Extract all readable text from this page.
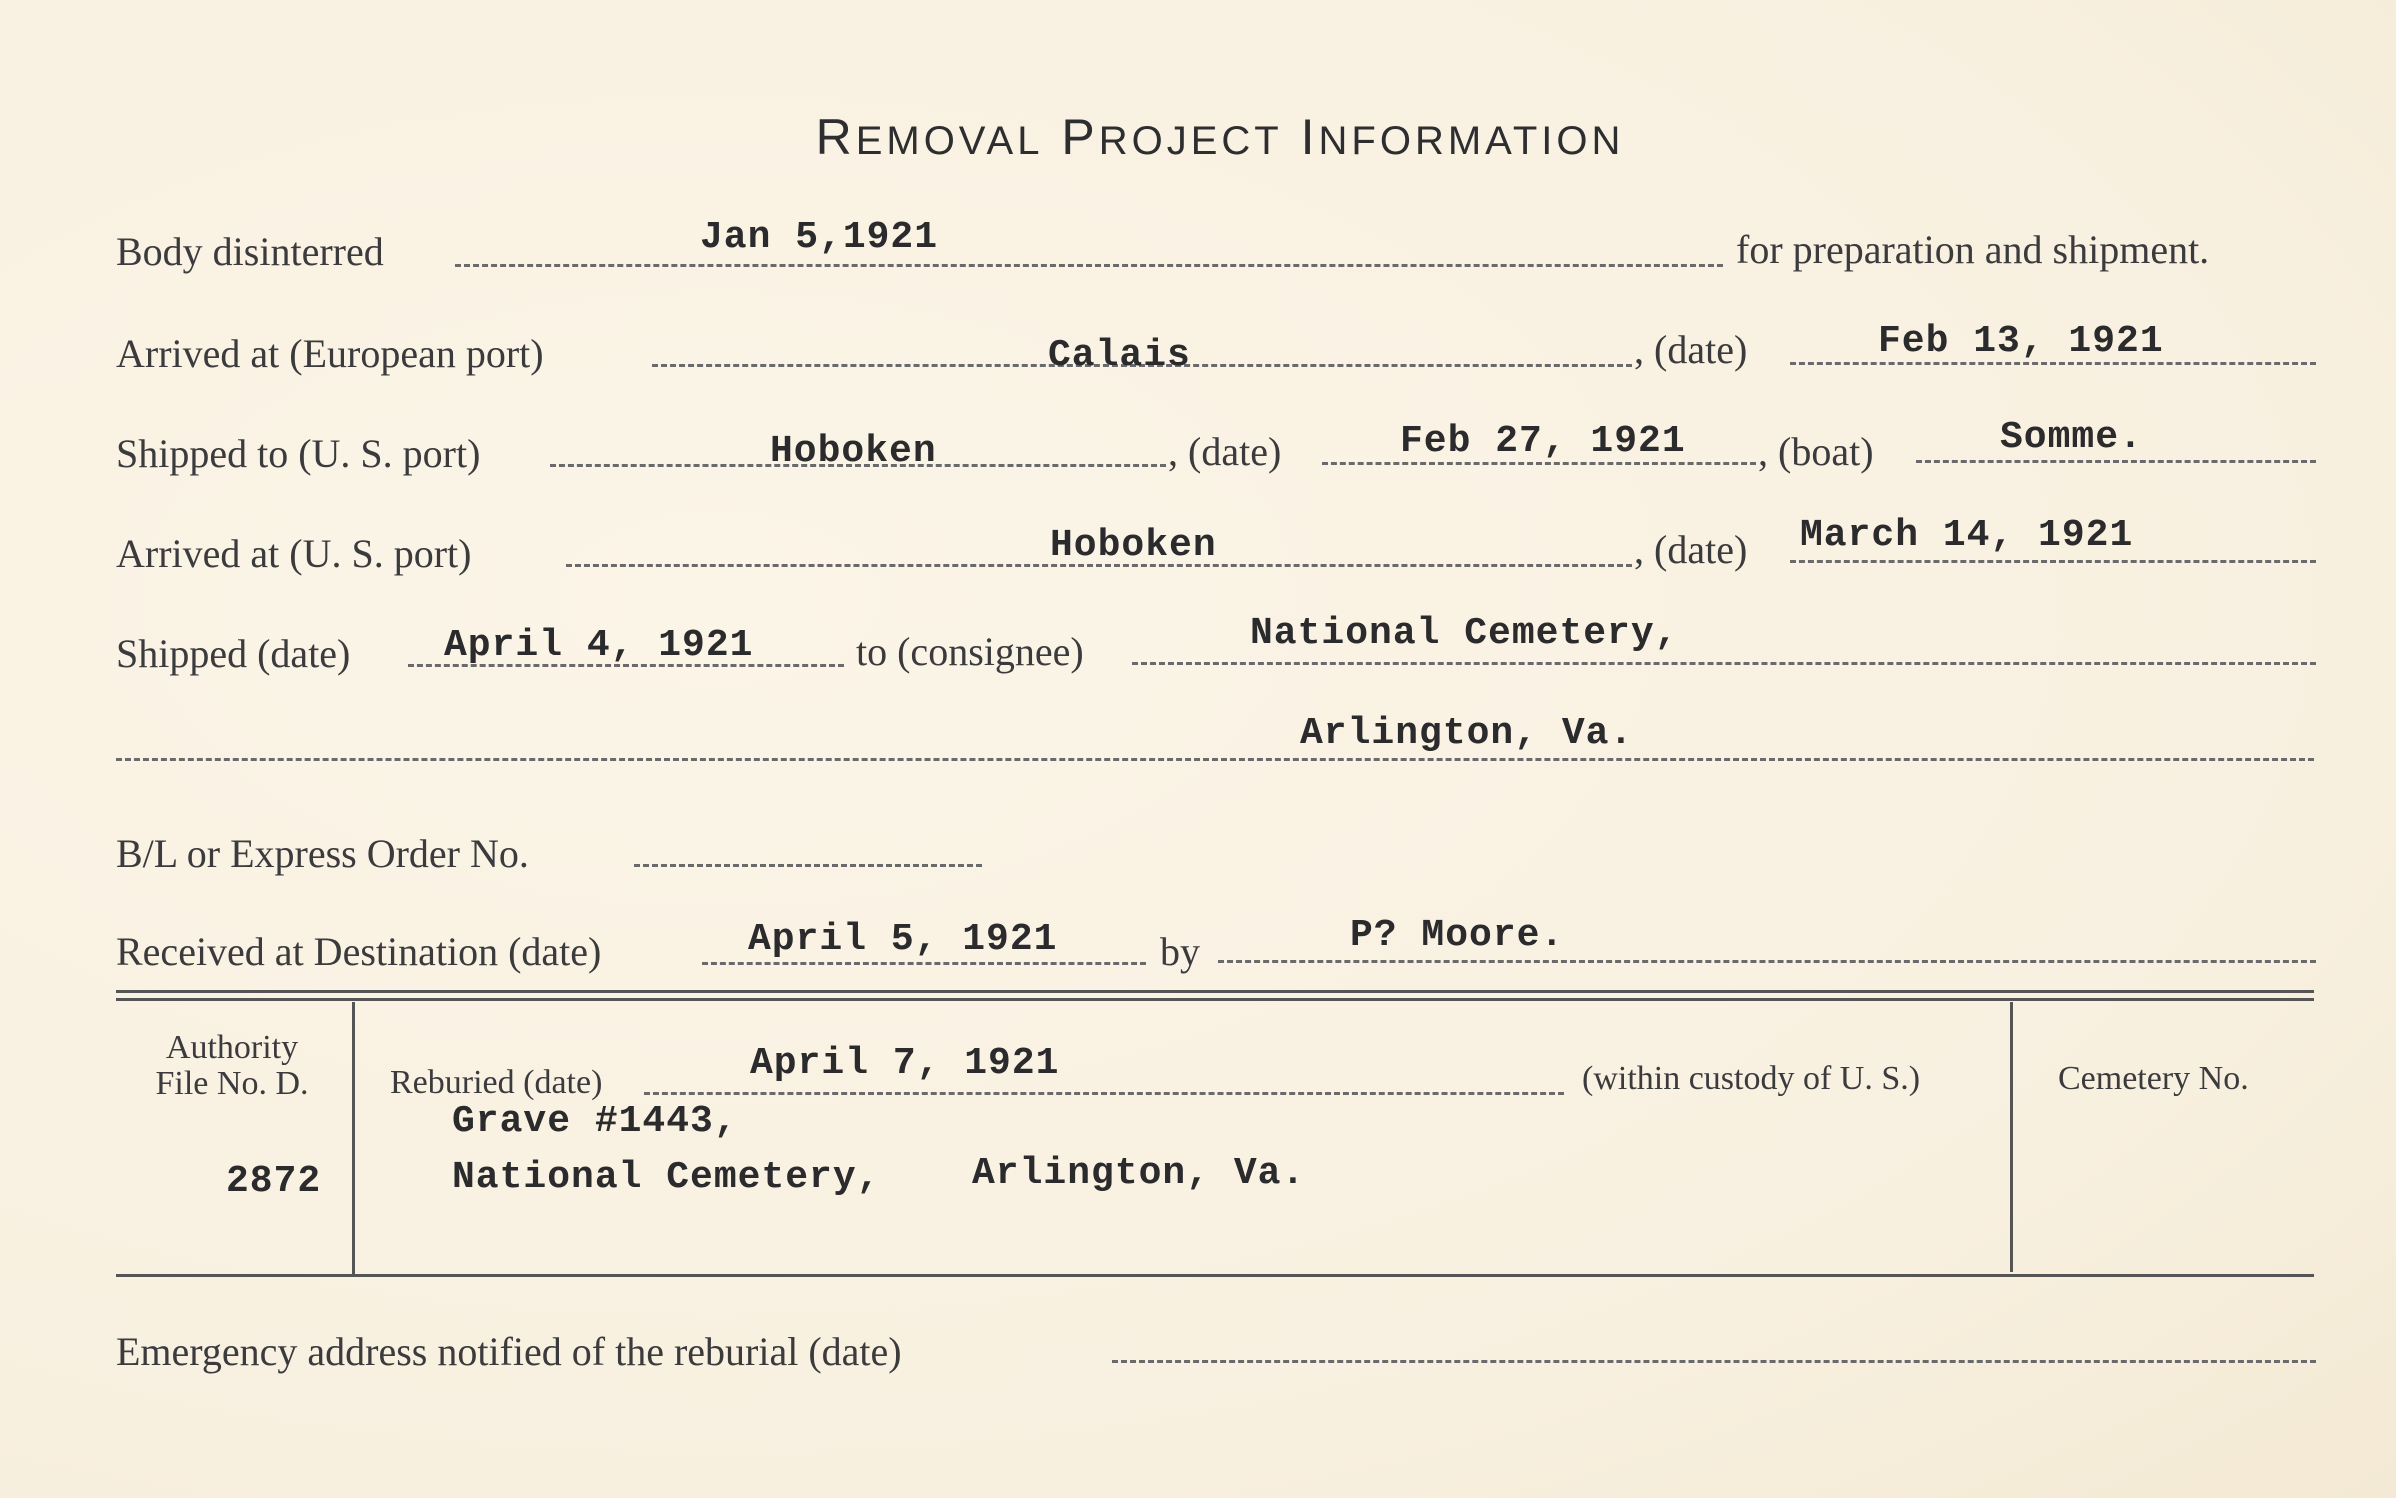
REMOVAL PROJECT INFORMATION
Body disinterred	Jan 5,1921	for preparation and shipment.
Arrived at (European port)	Calais	, (date)	Feb 13, 1921
Shipped to (U. S. port)	Hoboken	, (date)	Feb 27, 1921 , (boat)	Somme.
Arrived at (U. S. port)	Hoboken	, (date) March 14, 1921
Shipped (date) April 4, 1921	to (consignee)	National Cemetery,
Arlington, Va.
B/L or Express Order No.
Received at Destination (date)	April 5, 1921	by	P? Moore.
Authority
File No. D.
2872
Reburied (date)	April 7, 1921	(within custody of U. S.)
Grave #1443,
National Cemetery, Arlington, Va.
Cemetery No.
Emergency address notified of the reburial (date)
